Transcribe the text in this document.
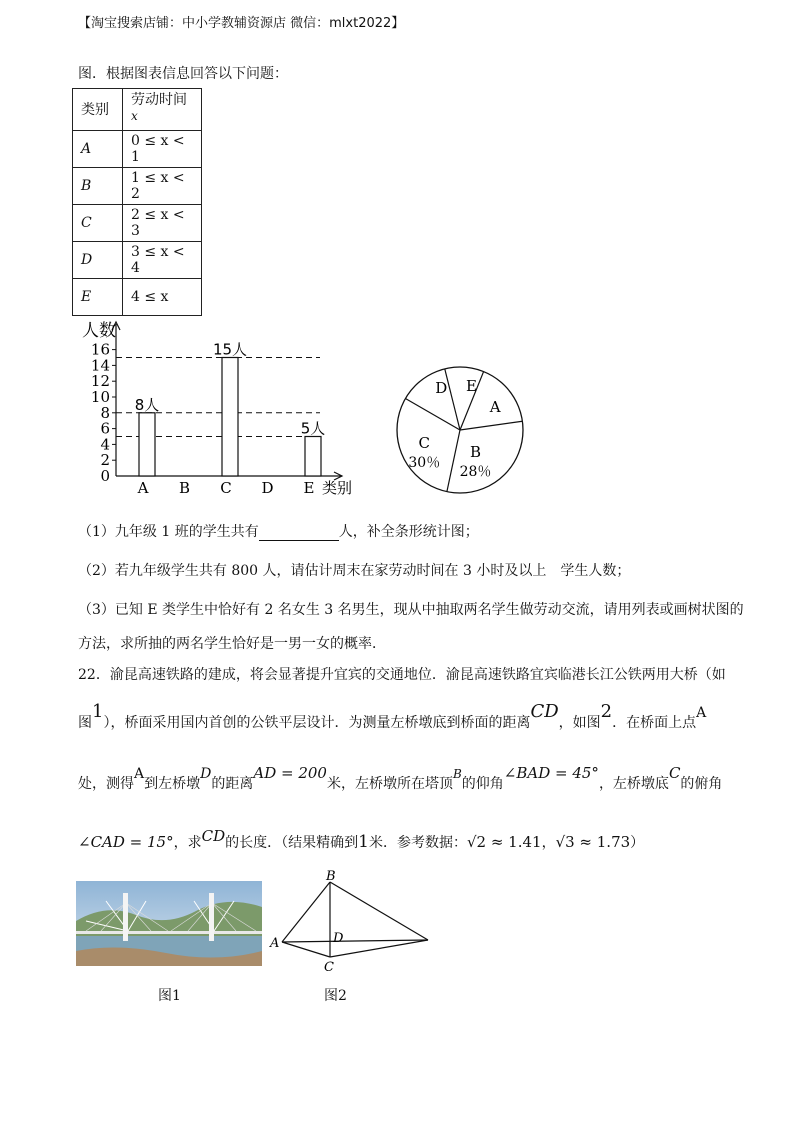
【淘宝搜索店铺：中小学教辅资源店 微信：mlxt2022】
图．根据图表信息回答以下问题：
类别	劳动时间$^x$
A	0 ≤ x < 1
B	1 ≤ x < 2
C	2 ≤ x < 3
D	3 ≤ x < 4
E	4 ≤ x
人数
0
2
4
6
8
10
12
14
16
8人
A B
15人
C D
5人
E 类别
A
B
28％
C
30％
D E
（1）九年级 1 班的学生共有	人，补全条形统计图；
（2）若九年级学生共有 800 人，请估计周末在家劳动时间在 3 小时及以上　学生人数；
（3）已知 E 类学生中恰好有 2 名女生 3 名男生，现从中抽取两名学生做劳动交流，请用列表或画树状图的
方法，求所抽的两名学生恰好是一男一女的概率．
22．渝昆高速铁路的建成，将会显著提升宜宾的交通地位．渝昆高速铁路宜宾临港长江公铁两用大桥（如
图1），桥面采用国内首创的公铁平层设计．为测量左桥墩底到桥面的距离CD，如图2．在桥面上点A
处，测得A到左桥墩D的距离AD = 200米，左桥墩所在塔顶B的仰角∠BAD = 45°，左桥墩底C的俯角
∠CAD = 15°，求CD的长度．（结果精确到1米．参考数据：√2 ≈ 1.41，√3 ≈ 1.73）
图1
B
A	D
C
图2
